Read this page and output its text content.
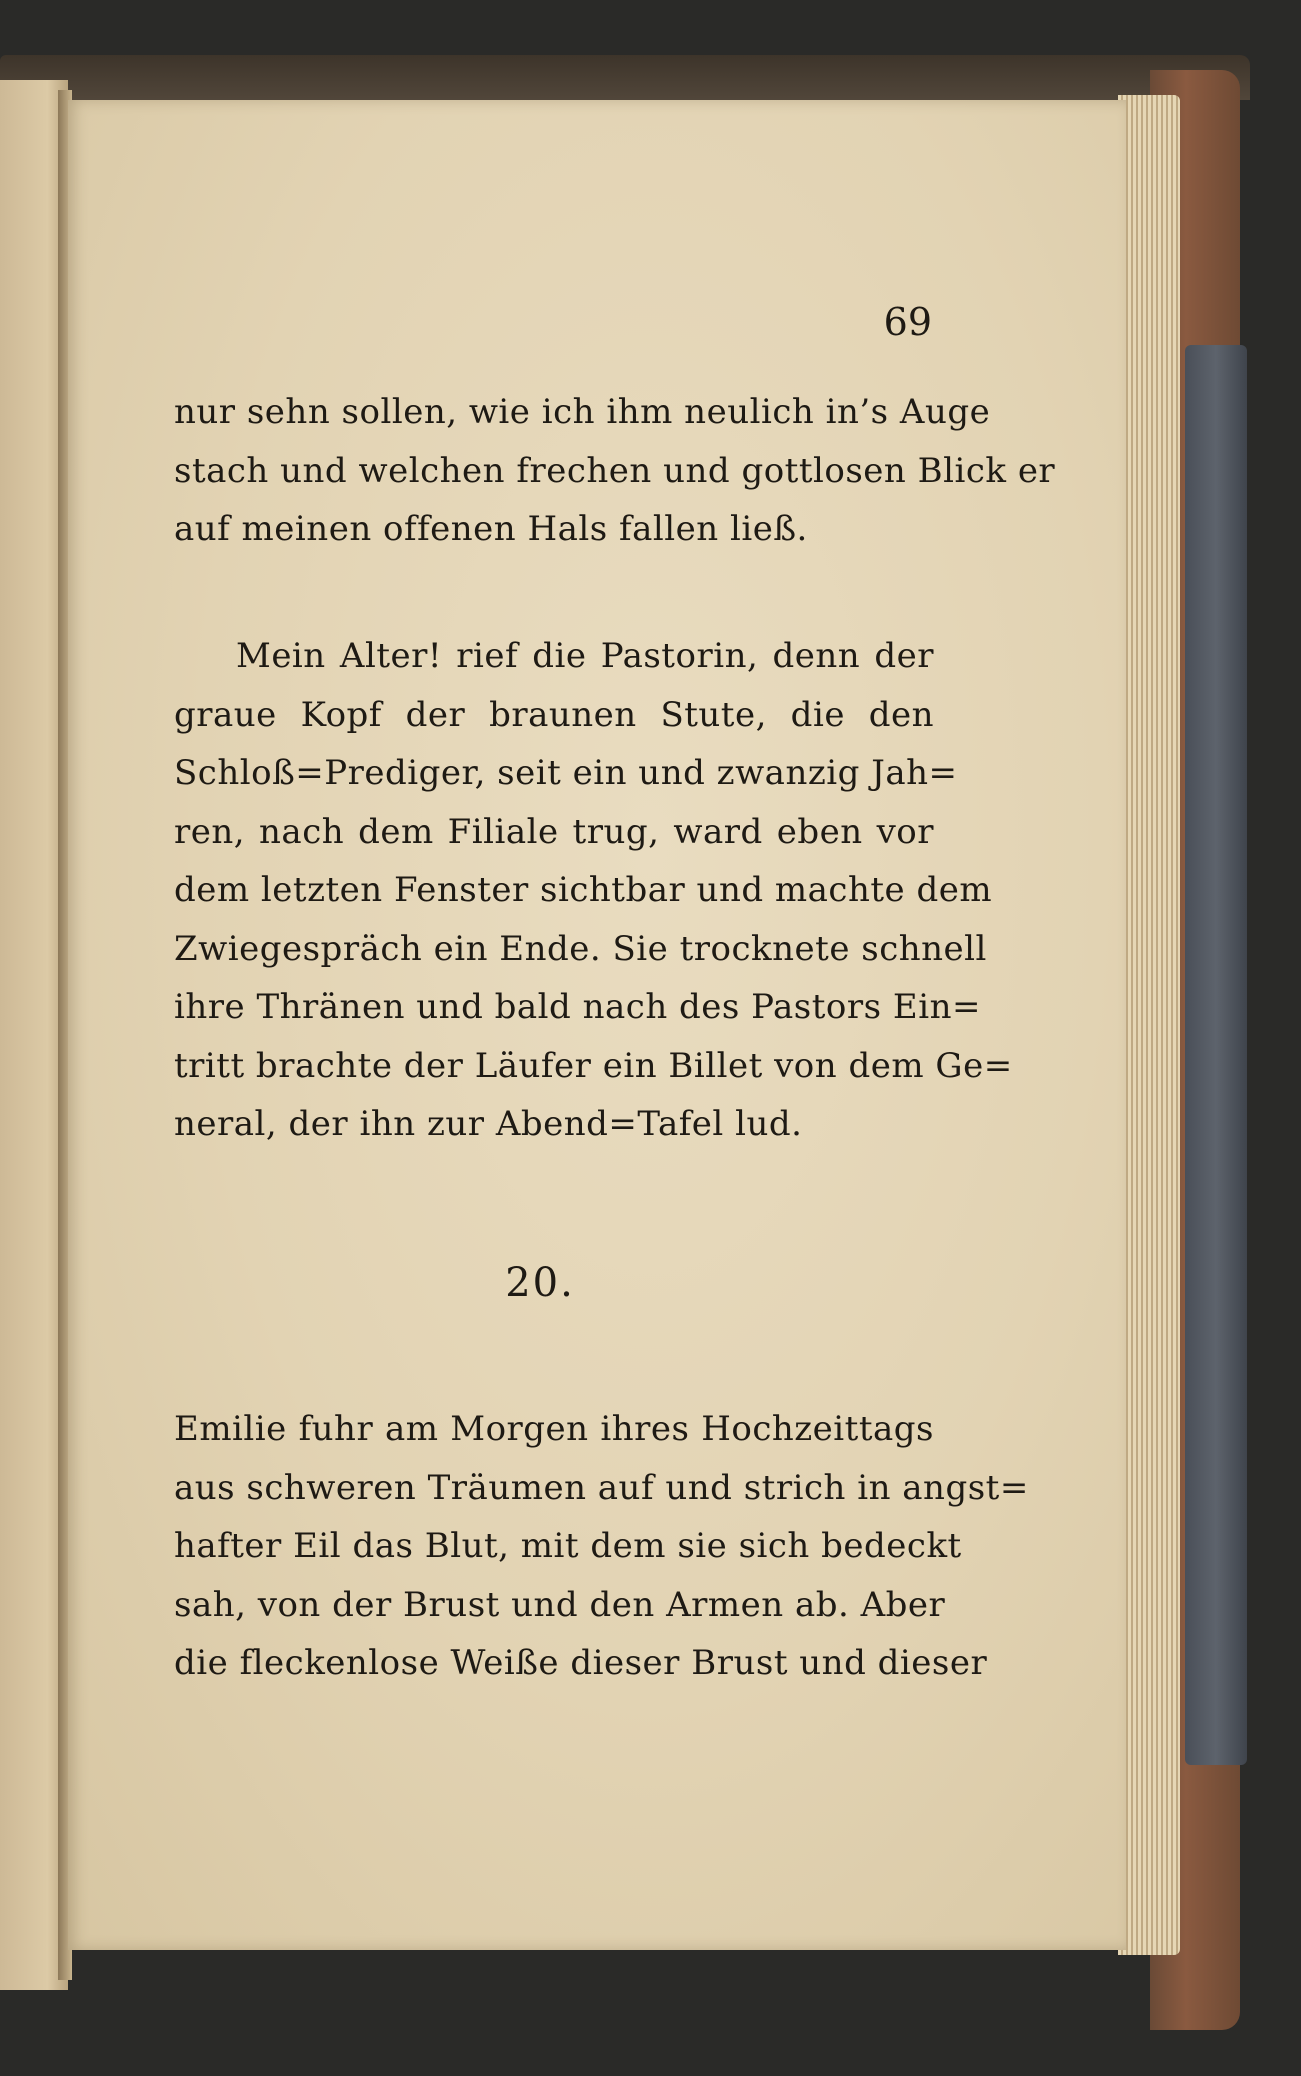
69
nur sehn sollen, wie ich ihm neulich in’s Auge
stach und welchen frechen und gottlosen Blick er
auf meinen offenen Hals fallen ließ.
Mein Alter! rief die Pastorin, denn der
graue Kopf der braunen Stute, die den
Schloß=Prediger, seit ein und zwanzig Jah=
ren, nach dem Filiale trug, ward eben vor
dem letzten Fenster sichtbar und machte dem
Zwiegespräch ein Ende. Sie trocknete schnell
ihre Thränen und bald nach des Pastors Ein=
tritt brachte der Läufer ein Billet von dem Ge=
neral, der ihn zur Abend=Tafel lud.
20.
Emilie fuhr am Morgen ihres Hochzeittags
aus schweren Träumen auf und strich in angst=
hafter Eil das Blut, mit dem sie sich bedeckt
sah, von der Brust und den Armen ab. Aber
die fleckenlose Weiße dieser Brust und dieser
